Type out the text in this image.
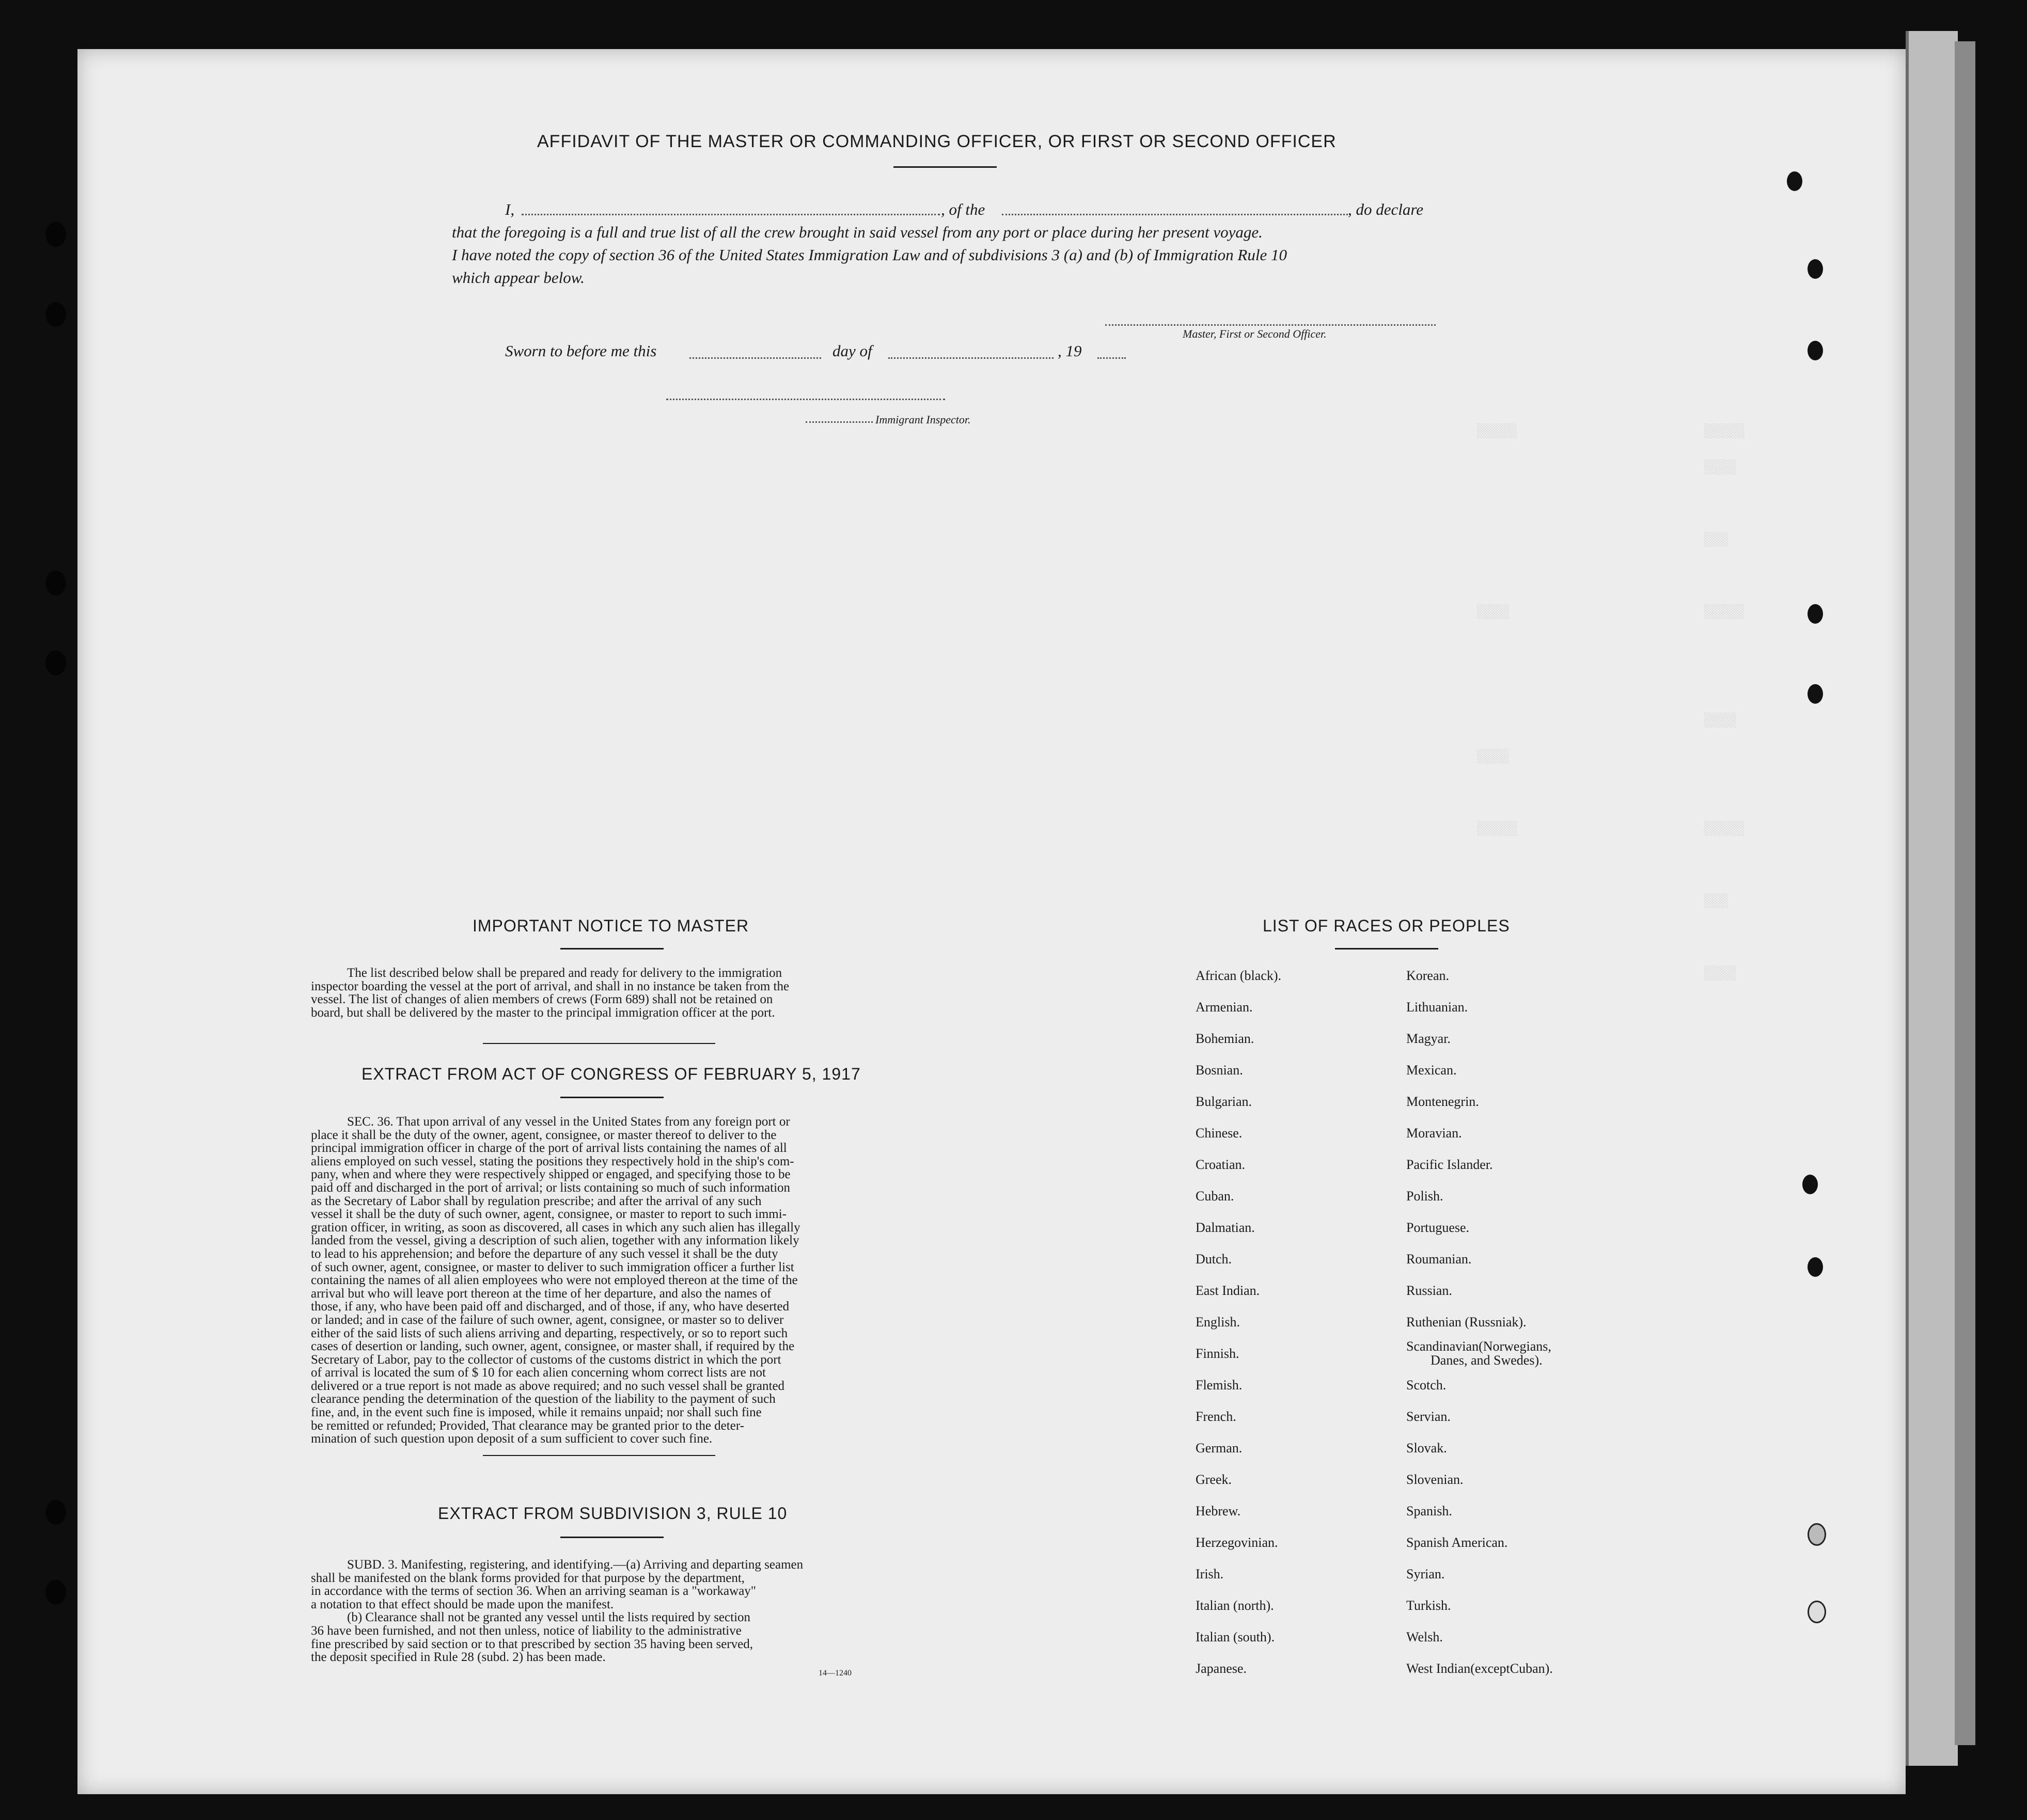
░░░░░
░░░░
░░░
░░░░░
░░░░
░░░░░
░░░
░░░░
░░░░░
░░░░
░░░░
░░░░░
AFFIDAVIT OF THE MASTER OR COMMANDING OFFICER, OR FIRST OR SECOND OFFICER
I,	, of the	, do declare
that the foregoing is a full and true list of all the crew brought in said vessel from any port or place during her present voyage.
I have noted the copy of section 36 of the United States Immigration Law and of subdivisions 3 (a) and (b) of Immigration Rule 10
which appear below.
Master, First or Second Officer.
Sworn to before me this	day of	, 19
Immigrant Inspector.
IMPORTANT NOTICE TO MASTER
The list described below shall be prepared and ready for delivery to the immigration
inspector boarding the vessel at the port of arrival, and shall in no instance be taken from the
vessel. The list of changes of alien members of crews (Form 689) shall not be retained on
board, but shall be delivered by the master to the principal immigration officer at the port.
EXTRACT FROM ACT OF CONGRESS OF FEBRUARY 5, 1917
SEC. 36. That upon arrival of any vessel in the United States from any foreign port or
place it shall be the duty of the owner, agent, consignee, or master thereof to deliver to the
principal immigration officer in charge of the port of arrival lists containing the names of all
aliens employed on such vessel, stating the positions they respectively hold in the ship's com-
pany, when and where they were respectively shipped or engaged, and specifying those to be
paid off and discharged in the port of arrival; or lists containing so much of such information
as the Secretary of Labor shall by regulation prescribe; and after the arrival of any such
vessel it shall be the duty of such owner, agent, consignee, or master to report to such immi-
gration officer, in writing, as soon as discovered, all cases in which any such alien has illegally
landed from the vessel, giving a description of such alien, together with any information likely
to lead to his apprehension; and before the departure of any such vessel it shall be the duty
of such owner, agent, consignee, or master to deliver to such immigration officer a further list
containing the names of all alien employees who were not employed thereon at the time of the
arrival but who will leave port thereon at the time of her departure, and also the names of
those, if any, who have been paid off and discharged, and of those, if any, who have deserted
or landed; and in case of the failure of such owner, agent, consignee, or master so to deliver
either of the said lists of such aliens arriving and departing, respectively, or so to report such
cases of desertion or landing, such owner, agent, consignee, or master shall, if required by the
Secretary of Labor, pay to the collector of customs of the customs district in which the port
of arrival is located the sum of $ 10 for each alien concerning whom correct lists are not
delivered or a true report is not made as above required; and no such vessel shall be granted
clearance pending the determination of the question of the liability to the payment of such
fine, and, in the event such fine is imposed, while it remains unpaid; nor shall such fine
be remitted or refunded; Provided, That clearance may be granted prior to the deter-
mination of such question upon deposit of a sum sufficient to cover such fine.
EXTRACT FROM SUBDIVISION 3, RULE 10
SUBD. 3. Manifesting, registering, and identifying.—(a) Arriving and departing seamen
shall be manifested on the blank forms provided for that purpose by the department,
in accordance with the terms of section 36. When an arriving seaman is a "workaway"
a notation to that effect should be made upon the manifest.
(b) Clearance shall not be granted any vessel until the lists required by section
36 have been furnished, and not then unless, notice of liability to the administrative
fine prescribed by said section or to that prescribed by section 35 having been served,
the deposit specified in Rule 28 (subd. 2) has been made.
14—1240
LIST OF RACES OR PEOPLES
African (black).
Armenian.
Bohemian.
Bosnian.
Bulgarian.
Chinese.
Croatian.
Cuban.
Dalmatian.
Dutch.
East Indian.
English.
Finnish.
Flemish.
French.
German.
Greek.
Hebrew.
Herzegovinian.
Irish.
Italian (north).
Italian (south).
Japanese.
Korean.
Lithuanian.
Magyar.
Mexican.
Montenegrin.
Moravian.
Pacific Islander.
Polish.
Portuguese.
Roumanian.
Russian.
Ruthenian (Russniak).
Scandinavian(Norwegians,
Danes, and Swedes).
Scotch.
Servian.
Slovak.
Slovenian.
Spanish.
Spanish American.
Syrian.
Turkish.
Welsh.
West Indian(exceptCuban).
